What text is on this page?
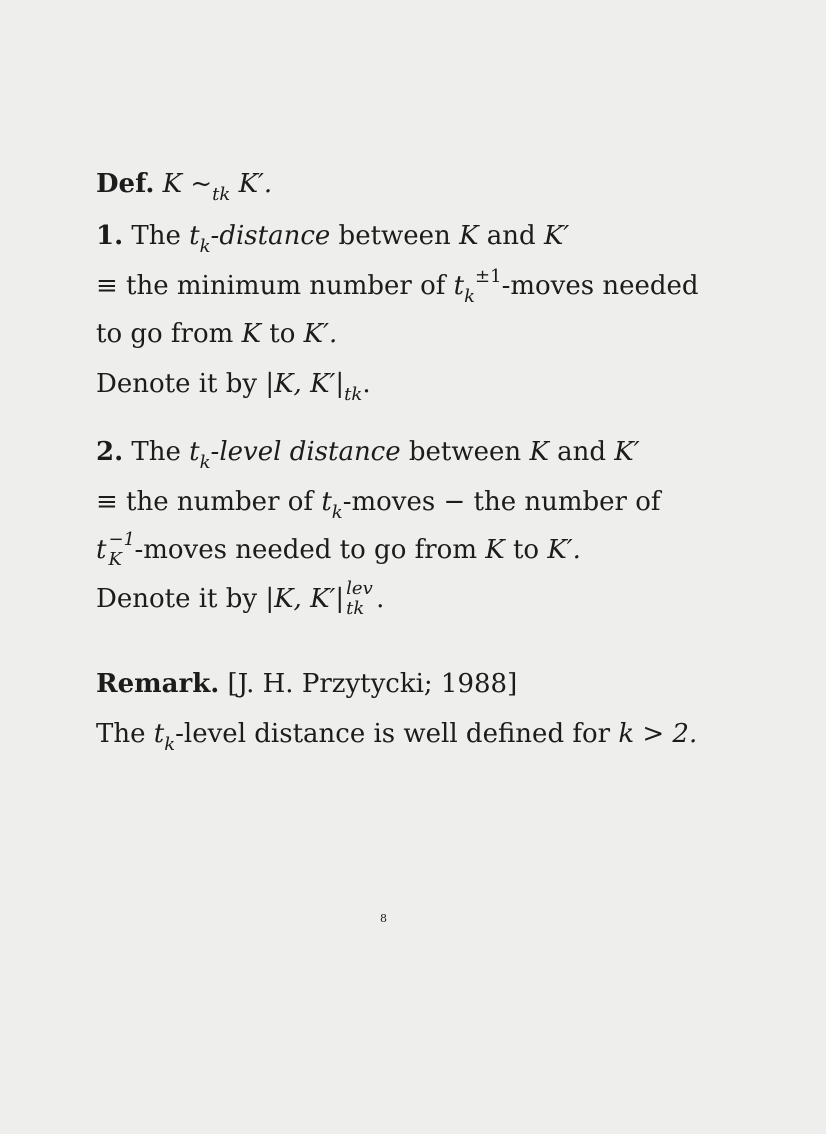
Def. K $\sim_{tk}$ K′.
1. The $t_k$-distance between K and K′
≡ the minimum number of $t_k^{\pm 1}$-moves needed
to go from K to K′.
Denote it by |K, $K'|_{tk}$.
2. The $t_k$-level distance between K and K′
≡ the number of $t_k$-moves − the number of
t −1
K -moves needed to go from K to K′.
Denote it by |K, K′| lev
tk .
Remark. [J. H. Przytycki; 1988]
The $t_k$-level distance is well defined for k > 2.
8
